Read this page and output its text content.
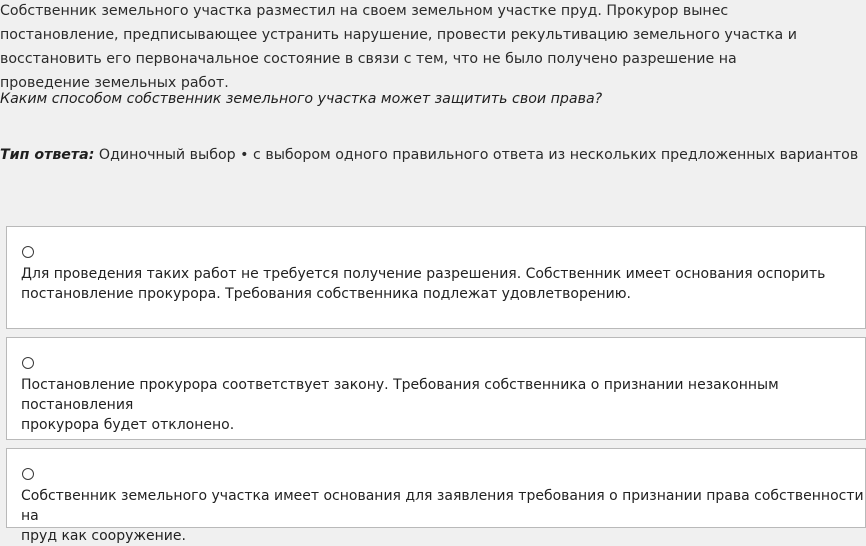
Собственник земельного участка разместил на своем земельном участке пруд. Прокурор вынес постановление, предписывающее устранить нарушение, провести рекультивацию земельного участка и восстановить его первоначальное состояние в связи с тем, что не было получено разрешение на проведение земельных работ.

Каким способом собственник земельного участка может защитить свои права?

Тип ответа: Одиночный выбор • с выбором одного правильного ответа из нескольких предложенных вариантов

Для проведения таких работ не требуется получение разрешения. Собственник имеет основания оспорить
постановление прокурора. Требования собственника подлежат удовлетворению.
Постановление прокурора соответствует закону. Требования собственника о признании незаконным постановления
прокурора будет отклонено.
Собственник земельного участка имеет основания для заявления требования о признании права собственности на
пруд как сооружение.
